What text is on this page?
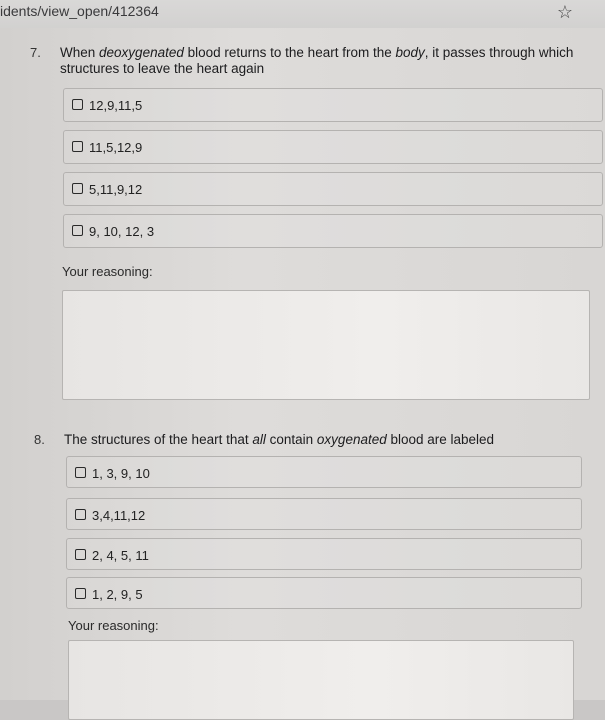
idents/view_open/412364	☆
7. When deoxygenated blood returns to the heart from the body, it passes through which structures to leave the heart again
12,9,11,5
11,5,12,9
5,11,9,12
9, 10, 12, 3
Your reasoning:
8. The structures of the heart that all contain oxygenated blood are labeled
1, 3, 9, 10
3,4,11,12
2, 4, 5, 11
1, 2, 9, 5
Your reasoning:
